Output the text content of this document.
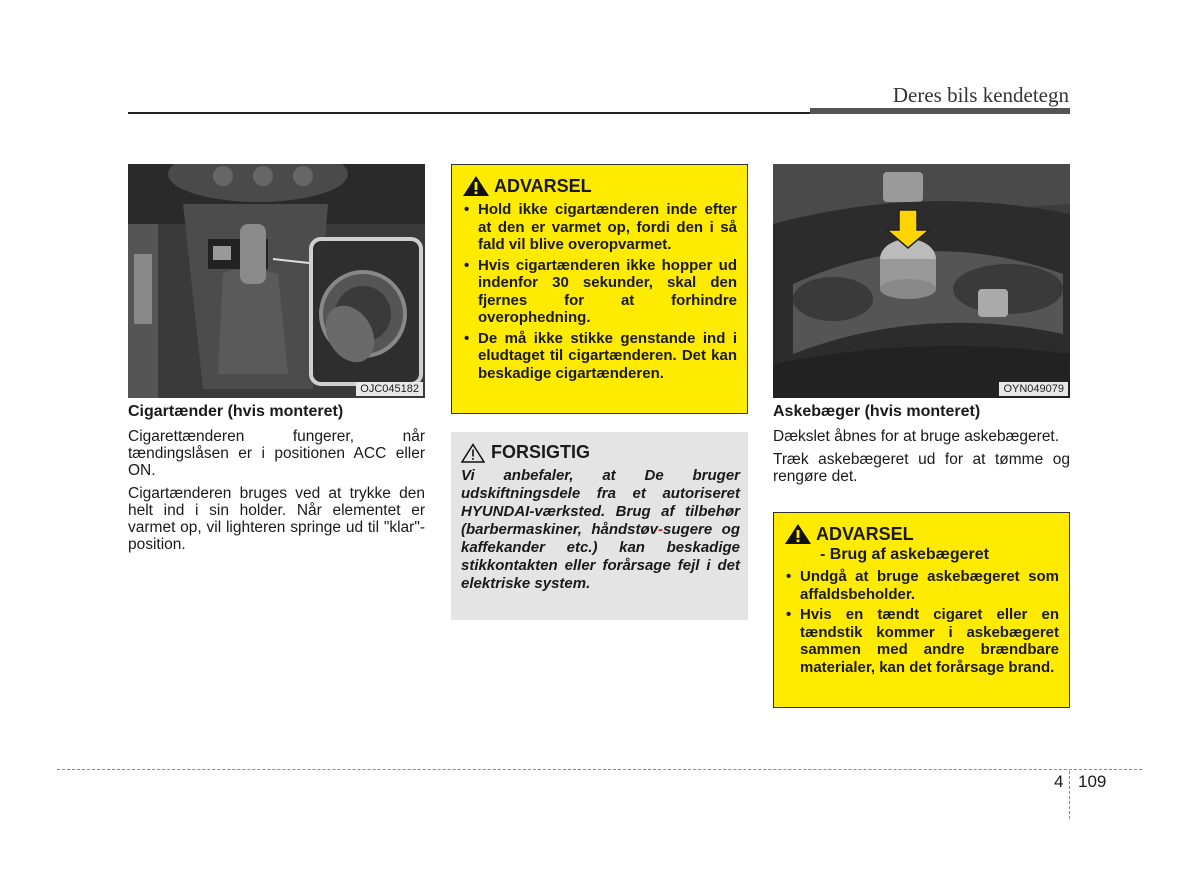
Deres bils kendetegn
OJC045182
Cigartænder (hvis monteret)
Cigarettænderen fungerer, når tændingslåsen er i positionen ACC eller ON.
Cigartænderen bruges ved at trykke den helt ind i sin holder. Når elementet er varmet op, vil lighteren springe ud til "klar"-position.
ADVARSEL
• Hold ikke cigartænderen inde efter at den er varmet op, fordi den i så fald vil blive overopvarmet.
• Hvis cigartænderen ikke hopper ud indenfor 30 sekunder, skal den fjernes for at forhindre overophedning.
• De må ikke stikke genstande ind i eludtaget til cigartænderen. Det kan beskadige cigartænderen.
FORSIGTIG
Vi anbefaler, at De bruger udskiftningsdele fra et autoriseret HYUNDAI-værksted. Brug af tilbehør (barbermaskiner, håndstøv-sugere og kaffekander etc.) kan beskadige stikkontakten eller forårsage fejl i det elektriske system.
OYN049079
Askebæger (hvis monteret)
Dækslet åbnes for at bruge askebægeret.
Træk askebægeret ud for at tømme og rengøre det.
ADVARSEL
- Brug af askebægeret
• Undgå at bruge askebægeret som affaldsbeholder.
• Hvis en tændt cigaret eller en tændstik kommer i askebægeret sammen med andre brændbare materialer, kan det forårsage brand.
4 109
